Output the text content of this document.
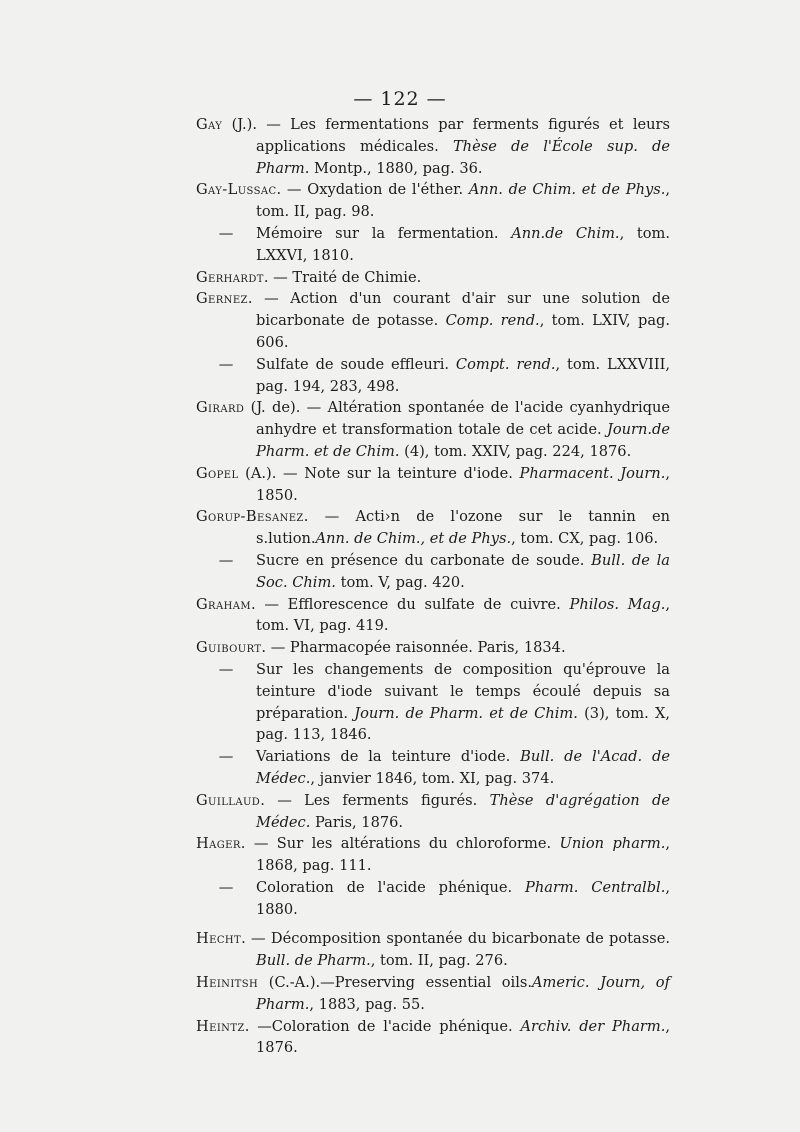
— 122 —
Gay (J.). — Les fermentations par ferments figurés et leurs applications médicales. Thèse de l'École sup. de Pharm. Montp., 1880, pag. 36.
Gay-Lussac. — Oxydation de l'éther. Ann. de Chim. et de Phys., tom. II, pag. 98.
— Mémoire sur la fermentation. Ann.de Chim., tom. LXXVI, 1810.
Gerhardt. — Traité de Chimie.
Gernez. — Action d'un courant d'air sur une solution de bicarbonate de potasse. Comp. rend., tom. LXIV, pag. 606.
— Sulfate de soude effleuri. Compt. rend., tom. LXXVIII, pag. 194, 283, 498.
Girard (J. de). — Altération spontanée de l'acide cyanhydrique anhydre et transformation totale de cet acide. Journ.de Pharm. et de Chim. (4), tom. XXIV, pag. 224, 1876.
Gopel (A.). — Note sur la teinture d'iode. Pharmacent. Journ., 1850.
Gorup-Besanez. — Acti›n de l'ozone sur le tannin en s.lution.Ann. de Chim., et de Phys., tom. CX, pag. 106.
— Sucre en présence du carbonate de soude. Bull. de la Soc. Chim. tom. V, pag. 420.
Graham. — Efflorescence du sulfate de cuivre. Philos. Mag., tom. VI, pag. 419.
Guibourt. — Pharmacopée raisonnée. Paris, 1834.
— Sur les changements de composition qu'éprouve la teinture d'iode suivant le temps écoulé depuis sa préparation. Journ. de Pharm. et de Chim. (3), tom. X, pag. 113, 1846.
— Variations de la teinture d'iode. Bull. de l'Acad. de Médec., janvier 1846, tom. XI, pag. 374.
Guillaud. — Les ferments figurés. Thèse d'agrégation de Médec. Paris, 1876.
Hager. — Sur les altérations du chloroforme. Union pharm., 1868, pag. 111.
— Coloration de l'acide phénique. Pharm. Centralbl., 1880.
Hecht. — Décomposition spontanée du bicarbonate de potasse. Bull. de Pharm., tom. II, pag. 276.
Heinitsh (C.-A.).—Preserving essential oils.Americ. Journ, of Pharm., 1883, pag. 55.
Heintz. —Coloration de l'acide phénique. Archiv. der Pharm., 1876.
